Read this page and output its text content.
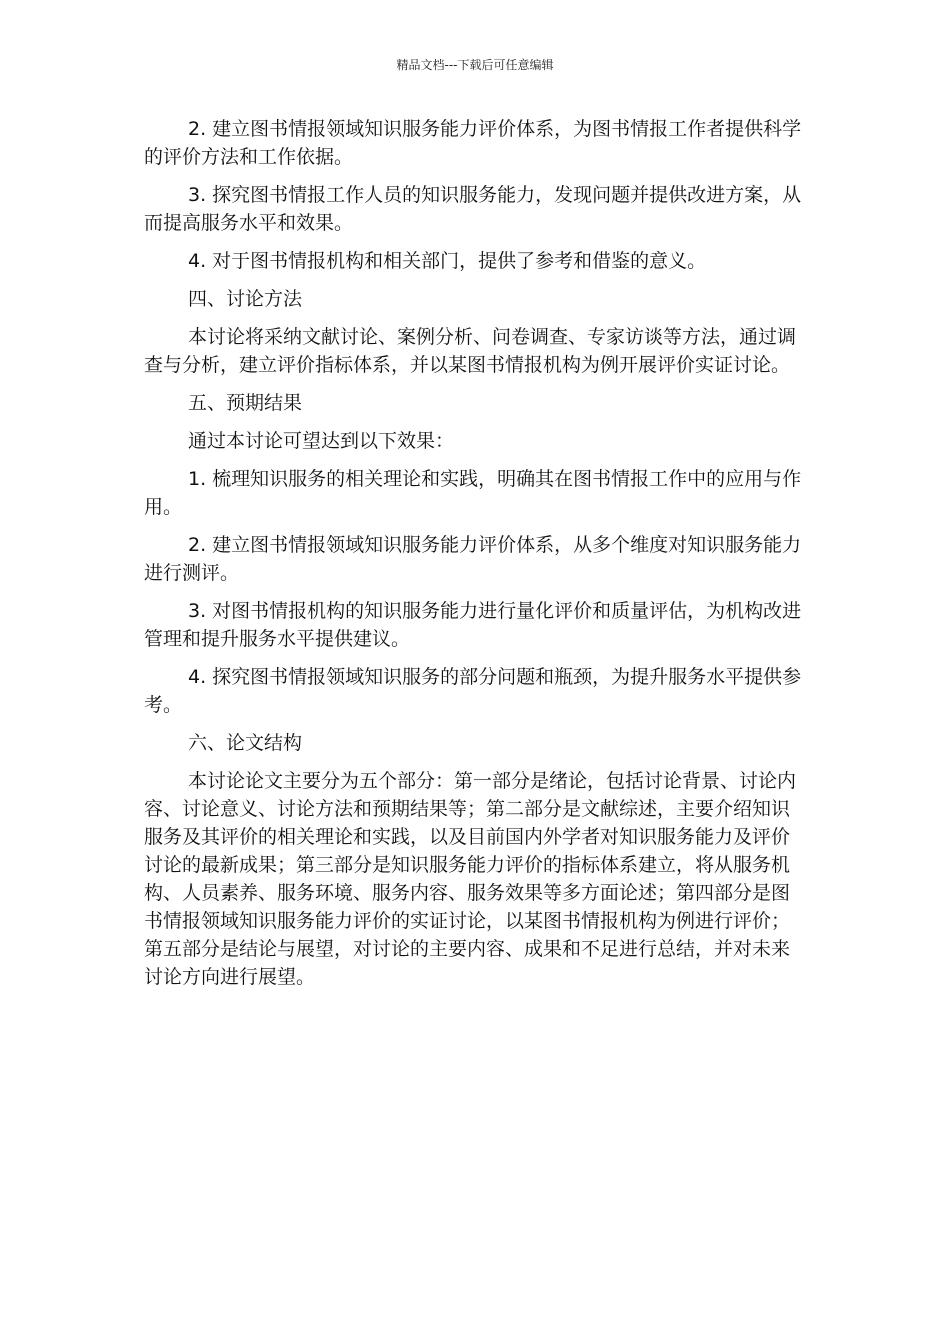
精品文档---下载后可任意编辑

2. 建立图书情报领域知识服务能力评价体系，为图书情报工作者提供科学的评价方法和工作依据。

3. 探究图书情报工作人员的知识服务能力，发现问题并提供改进方案，从而提高服务水平和效果。

4. 对于图书情报机构和相关部门，提供了参考和借鉴的意义。

四、讨论方法

本讨论将采纳文献讨论、案例分析、问卷调查、专家访谈等方法，通过调查与分析，建立评价指标体系，并以某图书情报机构为例开展评价实证讨论。

五、预期结果

通过本讨论可望达到以下效果：

1. 梳理知识服务的相关理论和实践，明确其在图书情报工作中的应用与作用。

2. 建立图书情报领域知识服务能力评价体系，从多个维度对知识服务能力进行测评。

3. 对图书情报机构的知识服务能力进行量化评价和质量评估，为机构改进管理和提升服务水平提供建议。

4. 探究图书情报领域知识服务的部分问题和瓶颈，为提升服务水平提供参考。

六、论文结构

本讨论论文主要分为五个部分：第一部分是绪论，包括讨论背景、讨论内容、讨论意义、讨论方法和预期结果等；第二部分是文献综述，主要介绍知识服务及其评价的相关理论和实践，以及目前国内外学者对知识服务能力及评价讨论的最新成果；第三部分是知识服务能力评价的指标体系建立，将从服务机构、人员素养、服务环境、服务内容、服务效果等多方面论述；第四部分是图书情报领域知识服务能力评价的实证讨论，以某图书情报机构为例进行评价；第五部分是结论与展望，对讨论的主要内容、成果和不足进行总结，并对未来讨论方向进行展望。
